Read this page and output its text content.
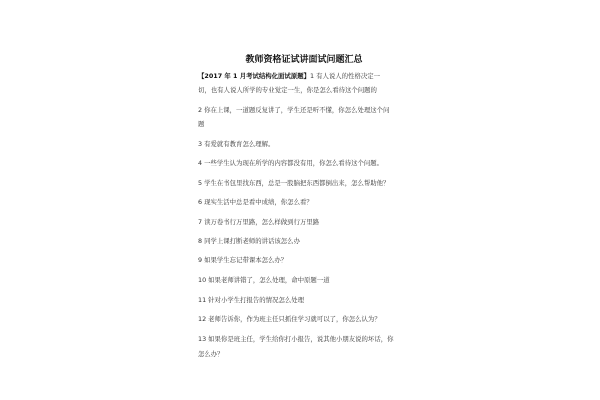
教师资格证试讲面试问题汇总
【2017 年 1 月考试结构化面试原题】1 有人说人的性格决定一
切，也有人说人所学的专业觉定一生，你是怎么看待这个问题的
2 你在上课，一道题反复讲了，学生还是听不懂，你怎么处理这个问
题
3 有爱就有教育怎么理解。
4 一些学生认为现在所学的内容都没有用，你怎么看待这个问题。
5 学生在书包里找东西，总是一股脑把东西都倒出来，怎么帮助他？
6 现实生活中总是看中成绩，你怎么看？
7 读万卷书行万里路，怎么样做到行万里路
8 同学上课打断老师的讲话该怎么办
9 如果学生忘记带课本怎么办？
10 如果老师讲错了，怎么处理，命中原题一道
11 针对小学生打报告的情况怎么处理
12 老师告诉你，作为班主任只抓住学习就可以了，你怎么认为？
13 如果你是班主任，学生给你打小报告，说其他小朋友说的坏话，你
怎么办？
